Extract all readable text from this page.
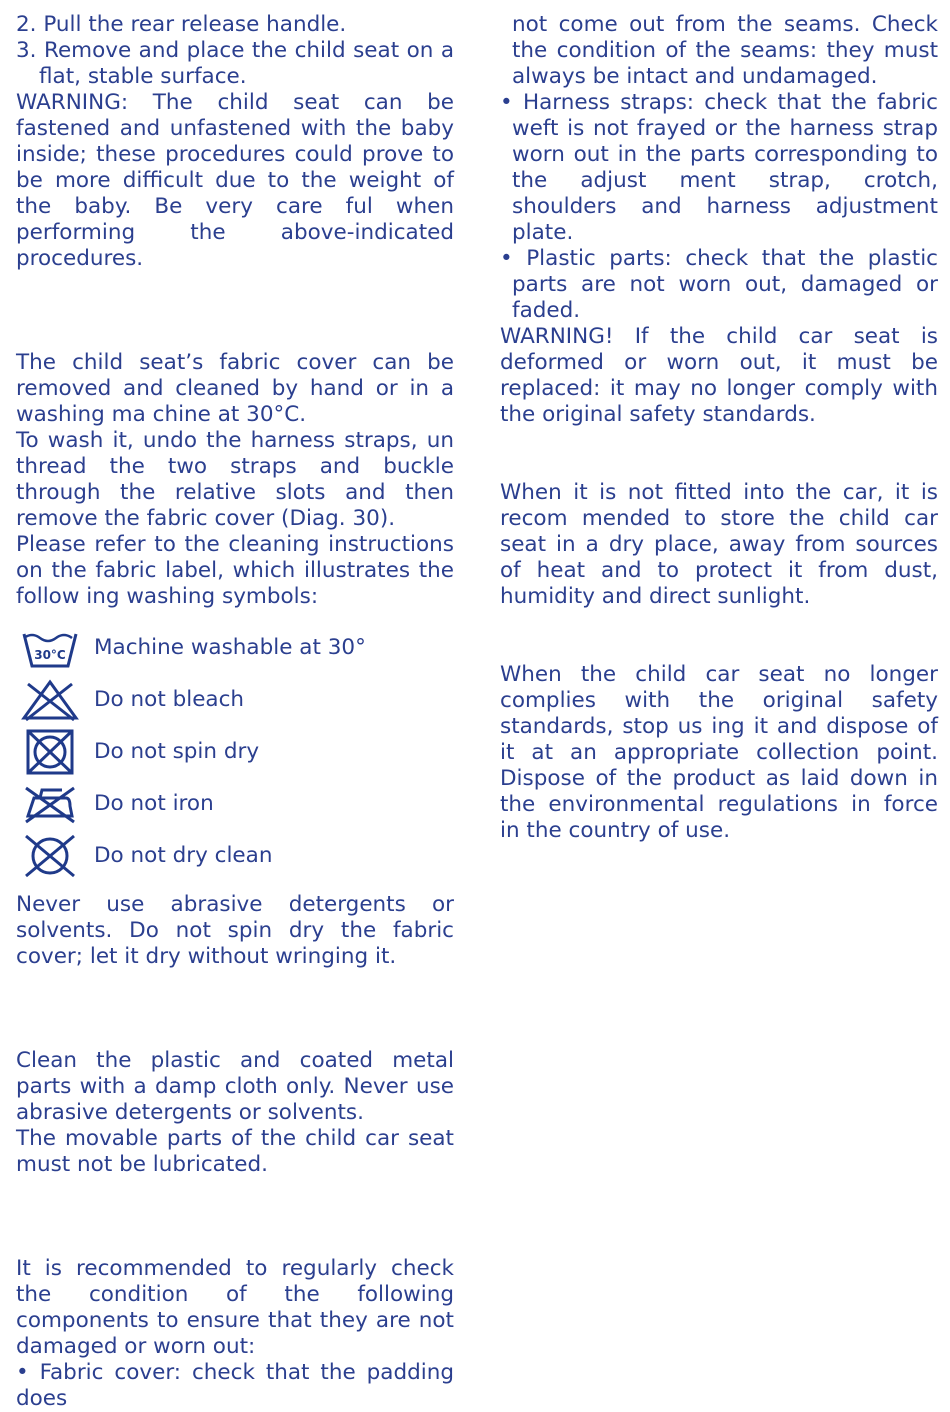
2. Pull the rear release handle.
3. Remove and place the child seat on a flat, stable surface.
WARNING: The child seat can be fastened and unfastened with the baby inside; these procedures could prove to be more difficult due to the weight of the baby. Be very care ful when performing the above-indicated procedures.
The child seat’s fabric cover can be removed and cleaned by hand or in a washing ma chine at 30°C.
To wash it, undo the harness straps, un thread the two straps and buckle through the relative slots and then remove the fabric cover (Diag. 30).
Please refer to the cleaning instructions on the fabric label, which illustrates the follow ing washing symbols:
30°C Machine washable at 30°
Do not bleach
Do not spin dry
Do not iron
Do not dry clean
Never use abrasive detergents or solvents. Do not spin dry the fabric cover; let it dry without wringing it.
Clean the plastic and coated metal parts with a damp cloth only. Never use abrasive detergents or solvents.
The movable parts of the child car seat must not be lubricated.
It is recommended to regularly check the condition of the following components to ensure that they are not damaged or worn out:
• Fabric cover: check that the padding does
not come out from the seams. Check the condition of the seams: they must always be intact and undamaged.
• Harness straps: check that the fabric weft is not frayed or the harness strap worn out in the parts corresponding to the adjust ment strap, crotch, shoulders and harness adjustment plate.
• Plastic parts: check that the plastic parts are not worn out, damaged or faded.
WARNING! If the child car seat is deformed or worn out, it must be replaced: it may no longer comply with the original safety standards.
When it is not fitted into the car, it is recom mended to store the child car seat in a dry place, away from sources of heat and to protect it from dust, humidity and direct sunlight.
When the child car seat no longer complies with the original safety standards, stop us ing it and dispose of it at an appropriate collection point. Dispose of the product as laid down in the environmental regulations in force in the country of use.
